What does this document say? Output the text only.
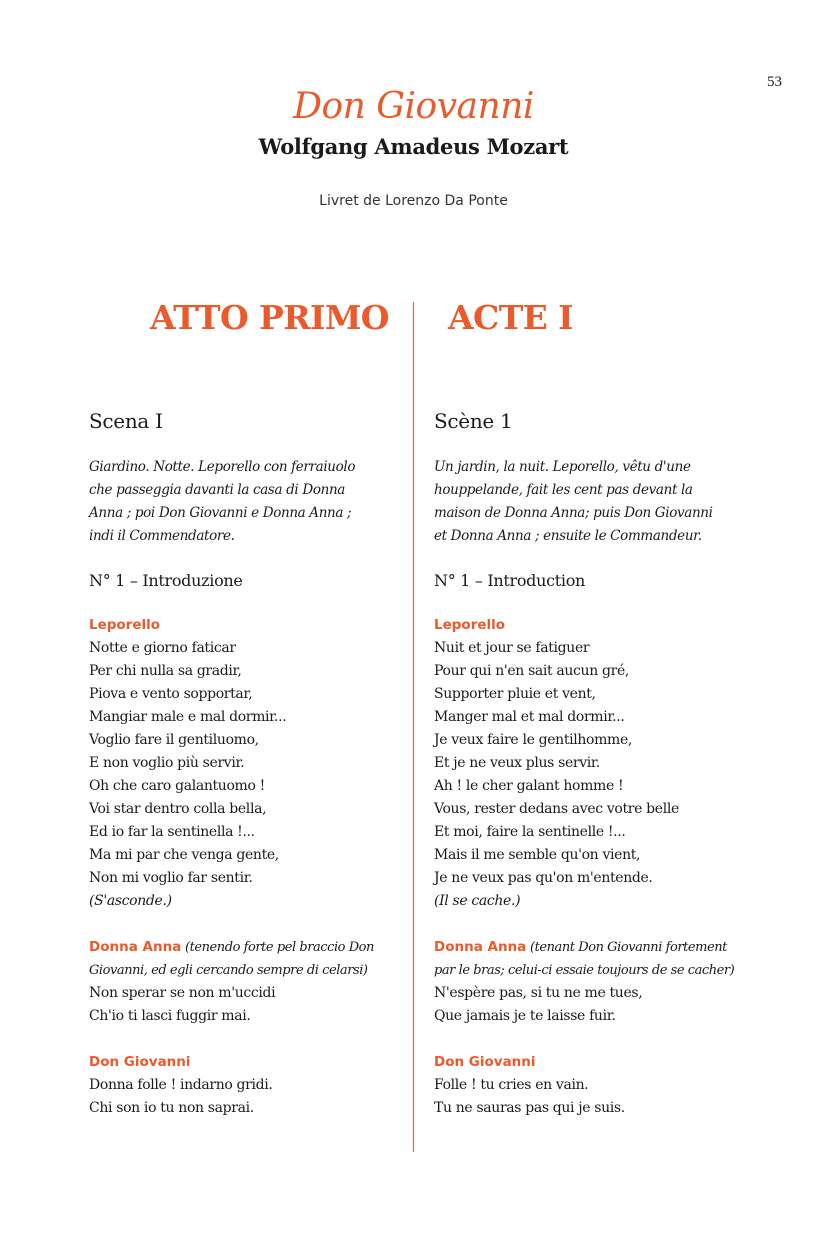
53
Don Giovanni
Wolfgang Amadeus Mozart
Livret de Lorenzo Da Ponte
ATTO PRIMO
Scena I
Giardino. Notte. Leporello con ferraiuolo
che passeggia davanti la casa di Donna
Anna ; poi Don Giovanni e Donna Anna ;
indi il Commendatore.
N° 1 – Introduzione
Leporello
Notte e giorno faticar
Per chi nulla sa gradir,
Piova e vento sopportar,
Mangiar male e mal dormir...
Voglio fare il gentiluomo,
E non voglio più servir.
Oh che caro galantuomo !
Voi star dentro colla bella,
Ed io far la sentinella !...
Ma mi par che venga gente,
Non mi voglio far sentir.
(S'asconde.)
Donna Anna (tenendo forte pel braccio Don
Giovanni, ed egli cercando sempre di celarsi)
Non sperar se non m'uccidi
Ch'io ti lasci fuggir mai.
Don Giovanni
Donna folle ! indarno gridi.
Chi son io tu non saprai.
ACTE I
Scène 1
Un jardin, la nuit. Leporello, vêtu d'une
houppelande, fait les cent pas devant la
maison de Donna Anna; puis Don Giovanni
et Donna Anna ; ensuite le Commandeur.
N° 1 – Introduction
Leporello
Nuit et jour se fatiguer
Pour qui n'en sait aucun gré,
Supporter pluie et vent,
Manger mal et mal dormir...
Je veux faire le gentilhomme,
Et je ne veux plus servir.
Ah ! le cher galant homme !
Vous, rester dedans avec votre belle
Et moi, faire la sentinelle !...
Mais il me semble qu'on vient,
Je ne veux pas qu'on m'entende.
(Il se cache.)
Donna Anna (tenant Don Giovanni fortement
par le bras; celui-ci essaie toujours de se cacher)
N'espère pas, si tu ne me tues,
Que jamais je te laisse fuir.
Don Giovanni
Folle ! tu cries en vain.
Tu ne sauras pas qui je suis.
